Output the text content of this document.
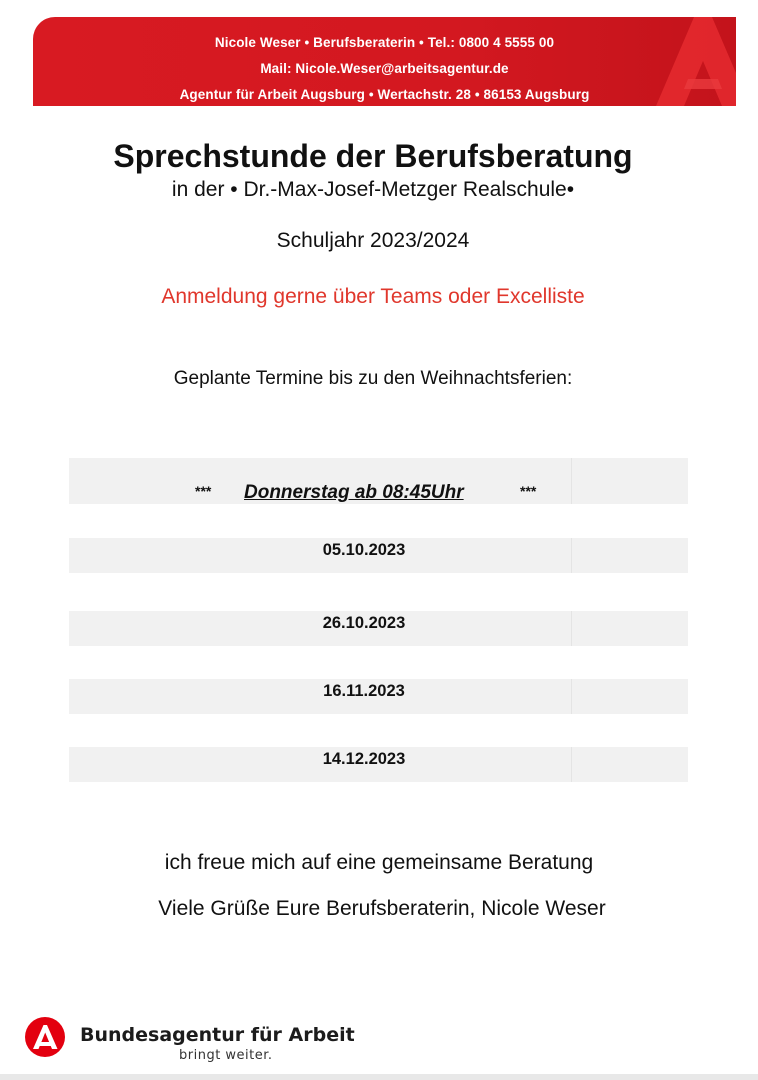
Nicole Weser • Berufsberaterin • Tel.: 0800 4 5555 00
Mail: Nicole.Weser@arbeitsagentur.de
Agentur für Arbeit Augsburg • Wertachstr. 28 • 86153 Augsburg
Sprechstunde der Berufsberatung
in der • Dr.-Max-Josef-Metzger Realschule•
Schuljahr 2023/2024
Anmeldung gerne über Teams oder Excelliste
Geplante Termine bis zu den Weihnachtsferien:
*** Donnerstag ab 08:45Uhr	***
05.10.2023
26.10.2023
16.11.2023
14.12.2023
ich freue mich auf eine gemeinsame Beratung
Viele Grüße Eure Berufsberaterin, Nicole Weser
Bundesagentur für Arbeit
bringt weiter.
